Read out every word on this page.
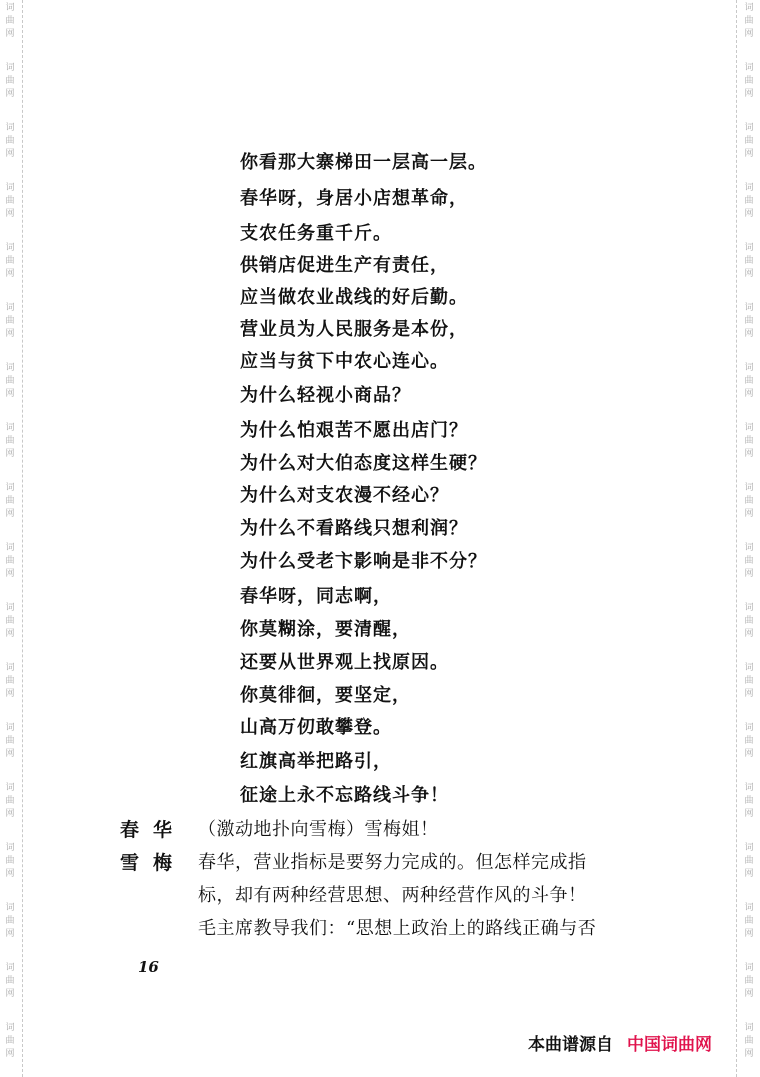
词
曲
网
词
曲
网
词
曲
网
词
曲
网
词
曲
网
词
曲
网
词
曲
网
词
曲
网
词
曲
网
词
曲
网
词
曲
网
词
曲
网
词
曲
网
词
曲
网
词
曲
网
词
曲
网
词
曲
网
词
曲
网
词
曲
网
词
曲
网
词
曲
网
词
曲
网
词
曲
网
词
曲
网
词
曲
网
词
曲
网
词
曲
网
词
曲
网
词
曲
网
词
曲
网
词
曲
网
词
曲
网
词
曲
网
词
曲
网
词
曲
网
词
曲
网

你看那大寨梯田一层高一层。

春华呀，身居小店想革命，

支农任务重千斤。

供销店促进生产有责任，

应当做农业战线的好后勤。

营业员为人民服务是本份，

应当与贫下中农心连心。

为什么轻视小商品？

为什么怕艰苦不愿出店门？

为什么对大伯态度这样生硬？

为什么对支农漫不经心？

为什么不看路线只想利润？

为什么受老卞影响是非不分？

春华呀，同志啊，

你莫糊涂，要清醒，

还要从世界观上找原因。

你莫徘徊，要坚定，

山高万仞敢攀登。

红旗高举把路引，

征途上永不忘路线斗争！

春华 （激动地扑向雪梅）雪梅姐！
雪梅 春华，营业指标是要努力完成的。但怎样完成指
标，却有两种经营思想、两种经营作风的斗争！
毛主席教导我们：“思想上政治上的路线正确与否
16
本曲谱源自 中国词曲网
